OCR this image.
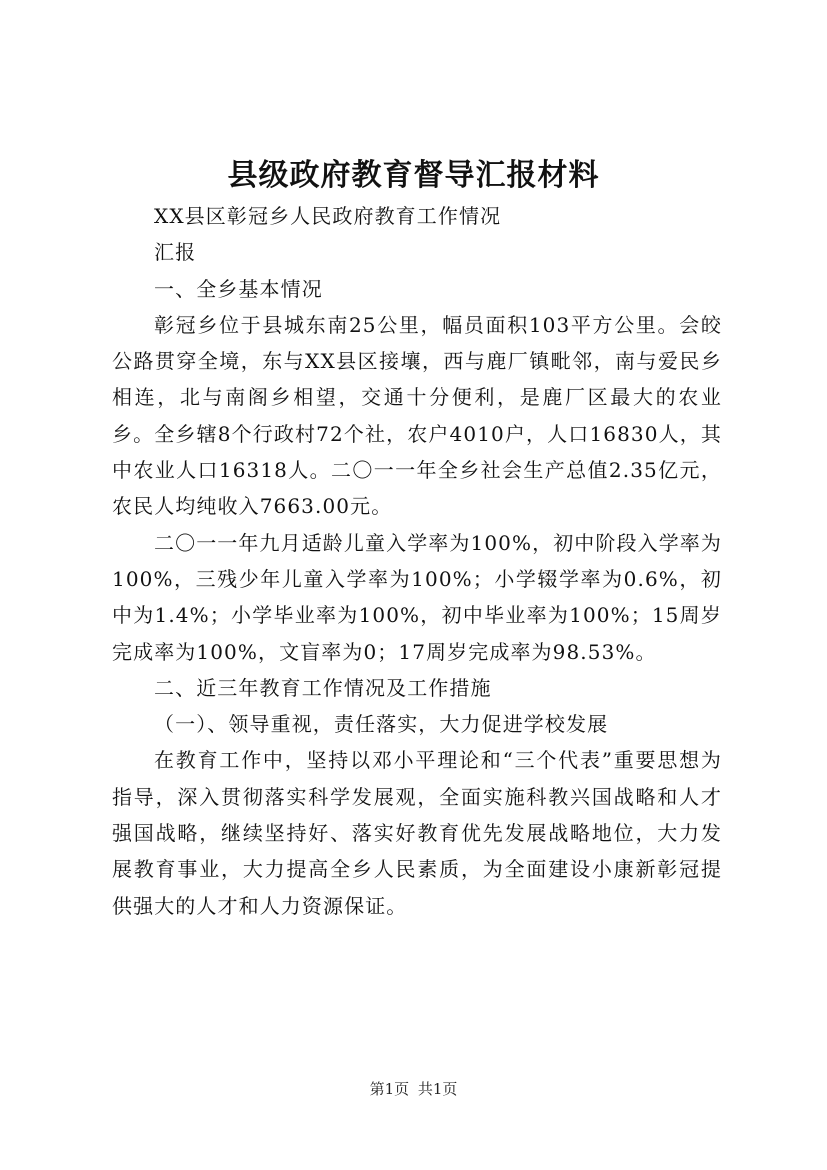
县级政府教育督导汇报材料

XX县区彰冠乡人民政府教育工作情况

汇报

一、全乡基本情况

彰冠乡位于县城东南25公里，幅员面积103平方公里。会皎公路贯穿全境，东与XX县区接壤，西与鹿厂镇毗邻，南与爱民乡相连，北与南阁乡相望，交通十分便利，是鹿厂区最大的农业乡。全乡辖8个行政村72个社，农户4010户，人口16830人，其中农业人口16318人。二〇一一年全乡社会生产总值2.35亿元，农民人均纯收入7663.00元。

二〇一一年九月适龄儿童入学率为100%，初中阶段入学率为100%，三残少年儿童入学率为100%；小学辍学率为0.6%，初中为1.4%；小学毕业率为100%，初中毕业率为100%；15周岁完成率为100%，文盲率为0；17周岁完成率为98.53%。

二、近三年教育工作情况及工作措施

（一）、领导重视，责任落实，大力促进学校发展

在教育工作中，坚持以邓小平理论和“三个代表”重要思想为指导，深入贯彻落实科学发展观，全面实施科教兴国战略和人才强国战略，继续坚持好、落实好教育优先发展战略地位，大力发展教育事业，大力提高全乡人民素质，为全面建设小康新彰冠提供强大的人才和人力资源保证。

第1页 共1页
